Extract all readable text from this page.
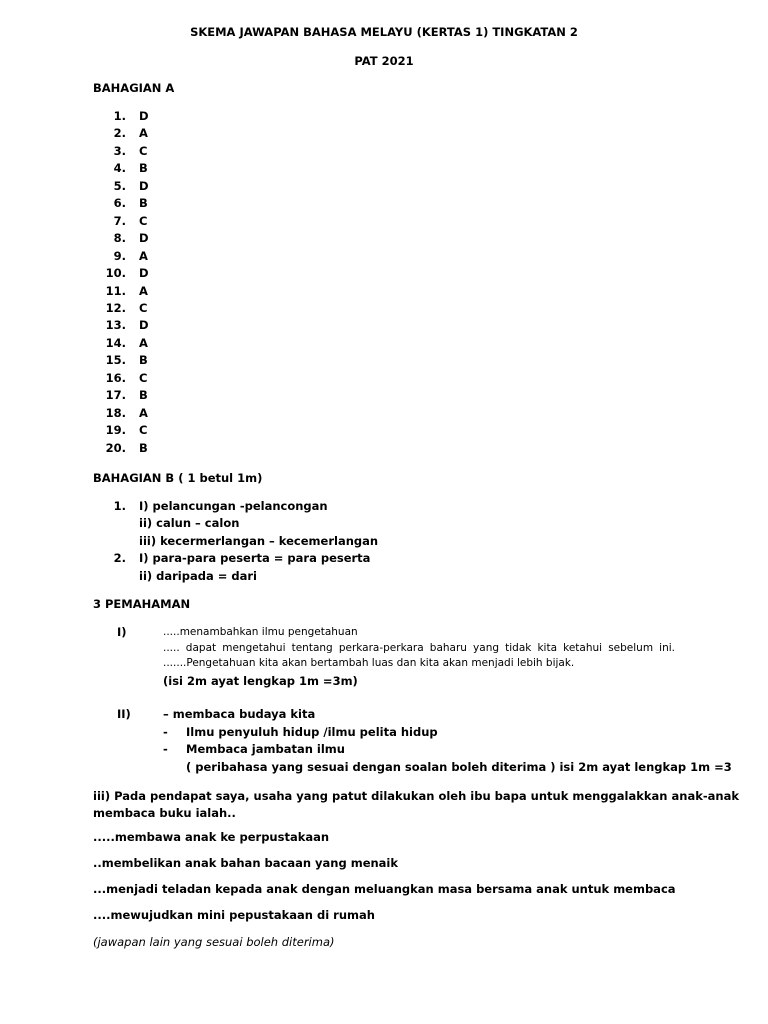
SKEMA JAWAPAN BAHASA MELAYU (KERTAS 1) TINGKATAN 2
PAT 2021
BAHAGIAN A
1. D
2. A
3. C
4. B
5. D
6. B
7. C
8. D
9. A
10. D
11. A
12. C
13. D
14. A
15. B
16. C
17. B
18. A
19. C
20. B
BAHAGIAN B ( 1 betul 1m)
1. I) pelancungan -pelancongan
ii) calun – calon
iii) kecermerlangan – kecemerlangan
2. I) para-para peserta = para peserta
ii) daripada = dari
3 PEMAHAMAN
I)	.....menambahkan ilmu pengetahuan
..... dapat mengetahui tentang perkara-perkara baharu yang tidak kita ketahui sebelum ini.
.......Pengetahuan kita akan bertambah luas dan kita akan menjadi lebih bijak.
(isi 2m ayat lengkap 1m =3m)
II)	– membaca budaya kita
- Ilmu penyuluh hidup /ilmu pelita hidup
- Membaca jambatan ilmu
( peribahasa yang sesuai dengan soalan boleh diterima ) isi 2m ayat lengkap 1m =3
iii) Pada pendapat saya, usaha yang patut dilakukan oleh ibu bapa untuk menggalakkan anak-anak
membaca buku ialah..
.....membawa anak ke perpustakaan
..membelikan anak bahan bacaan yang menaik
...menjadi teladan kepada anak dengan meluangkan masa bersama anak untuk membaca
....mewujudkan mini pepustakaan di rumah
(jawapan lain yang sesuai boleh diterima)
